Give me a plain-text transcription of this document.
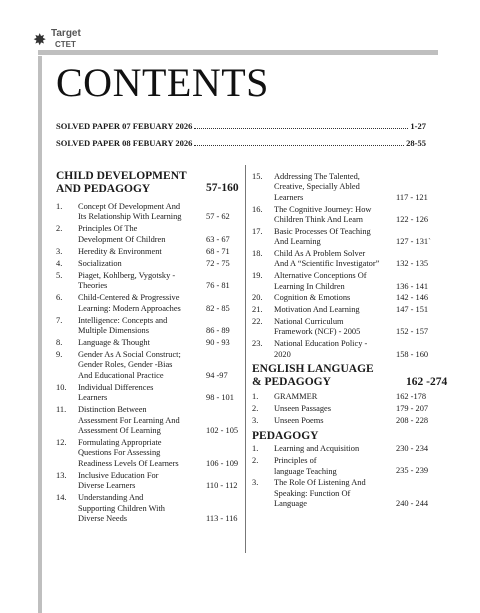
✸ Target
CTET
CONTENTS
SOLVED PAPER 07 FEBUARY 2026	1-27
SOLVED PAPER 08 FEBUARY 2026	28-55
CHILD DEVELOPMENT
AND PEDAGOGY	57-160
1. Concept Of Development And
Its Relationship With Learning	57 - 62
2. Principles Of The
Development Of Children	63 - 67
3. Heredity & Environment	68 - 71
4. Socialization	72 - 75
5. Piaget, Kohlberg, Vygotsky -
Theories	76 - 81
6. Child-Centered & Progressive
Learning: Modern Approaches	82 - 85
7. Intelligence: Concepts and
Multiple Dimensions	86 - 89
8. Language & Thought	90 - 93
9. Gender As A Social Construct;
Gender Roles, Gender -Bias
And Educational Practice	94 -97
10. Individual Differences
Learners	98 - 101
11. Distinction Between
Assessment For Learning And
Assessment Of Learning	102 - 105
12. Formulating Appropriate
Questions For Assessing
Readiness Levels Of Learners	106 - 109
13. Inclusive Education For
Diverse Learners	110 - 112
14. Understanding And
Supporting Children With
Diverse Needs	113 - 116
15. Addressing The Talented,
Creative, Specially Abled
Learners	117 - 121
16. The Cognitive Journey: How
Children Think And Learn	122 - 126
17. Basic Processes Of Teaching
And Learning	127 - 131`
18. Child As A Problem Solver
And A “Scientific Investigator” 132 - 135
19. Alternative Conceptions Of
Learning In Children	136 - 141
20. Cognition & Emotions	142 - 146
21. Motivation And Learning	147 - 151
22. National Curriculum
Framework (NCF) - 2005	152 - 157
23. National Education Policy -
2020	158 - 160
ENGLISH LANGUAGE
& PEDAGOGY	162 -274
1. GRAMMER	162 -178
2. Unseen Passages	179 - 207
3. Unseen Poems	208 - 228
PEDAGOGY
1. Learning and Acquisition	230 - 234
2. Principles of
language Teaching	235 - 239
3. The Role Of Listening And
Speaking: Function Of
Language	240 - 244
